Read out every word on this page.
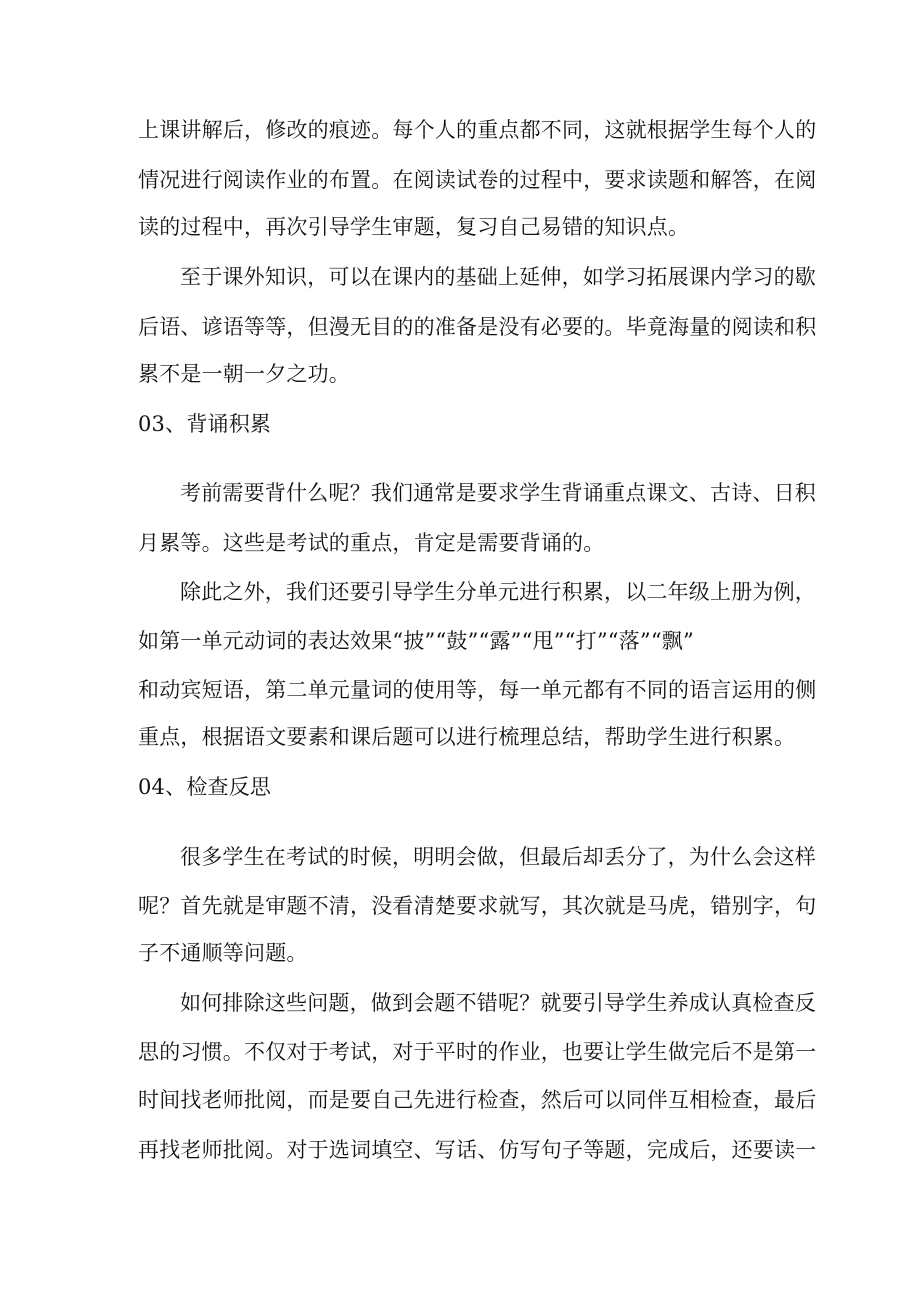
上课讲解后，修改的痕迹。每个人的重点都不同，这就根据学生每个人的
情况进行阅读作业的布置。在阅读试卷的过程中，要求读题和解答，在阅
读的过程中，再次引导学生审题，复习自己易错的知识点。
至于课外知识，可以在课内的基础上延伸，如学习拓展课内学习的歇
后语、谚语等等，但漫无目的的准备是没有必要的。毕竟海量的阅读和积
累不是一朝一夕之功。
03、背诵积累
考前需要背什么呢？我们通常是要求学生背诵重点课文、古诗、日积
月累等。这些是考试的重点，肯定是需要背诵的。
除此之外，我们还要引导学生分单元进行积累，以二年级上册为例，
如第一单元动词的表达效果“披”“鼓”“露”“甩”“打”“落”“飘”
和动宾短语，第二单元量词的使用等，每一单元都有不同的语言运用的侧
重点，根据语文要素和课后题可以进行梳理总结，帮助学生进行积累。
04、检查反思
很多学生在考试的时候，明明会做，但最后却丢分了，为什么会这样
呢？首先就是审题不清，没看清楚要求就写，其次就是马虎，错别字，句
子不通顺等问题。
如何排除这些问题，做到会题不错呢？就要引导学生养成认真检查反
思的习惯。不仅对于考试，对于平时的作业，也要让学生做完后不是第一
时间找老师批阅，而是要自己先进行检查，然后可以同伴互相检查，最后
再找老师批阅。对于选词填空、写话、仿写句子等题，完成后，还要读一
